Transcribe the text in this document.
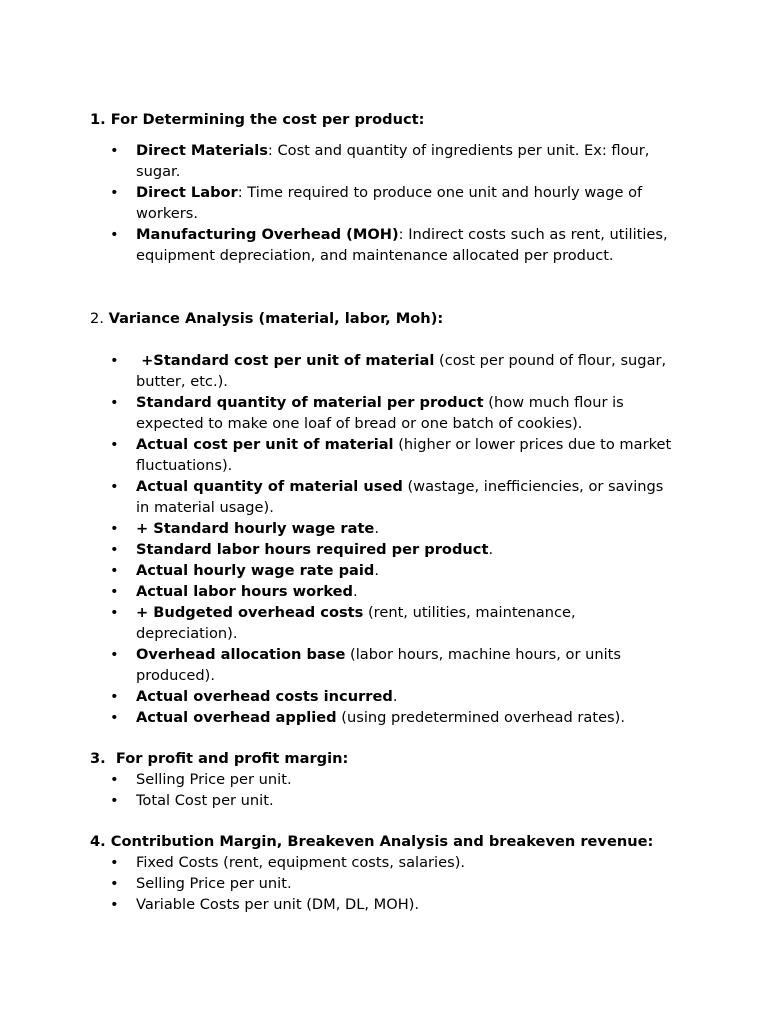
1. For Determining the cost per product:
• Direct Materials: Cost and quantity of ingredients per unit. Ex: flour, sugar.
• Direct Labor: Time required to produce one unit and hourly wage of workers.
• Manufacturing Overhead (MOH): Indirect costs such as rent, utilities, equipment depreciation, and maintenance allocated per product.
2. Variance Analysis (material, labor, Moh):
• +Standard cost per unit of material (cost per pound of flour, sugar, butter, etc.).
• Standard quantity of material per product (how much flour is expected to make one loaf of bread or one batch of cookies).
• Actual cost per unit of material (higher or lower prices due to market fluctuations).
• Actual quantity of material used (wastage, inefficiencies, or savings in material usage).
• + Standard hourly wage rate.
• Standard labor hours required per product.
• Actual hourly wage rate paid.
• Actual labor hours worked.
• + Budgeted overhead costs (rent, utilities, maintenance, depreciation).
• Overhead allocation base (labor hours, machine hours, or units produced).
• Actual overhead costs incurred.
• Actual overhead applied (using predetermined overhead rates).
3.  For profit and profit margin:
• Selling Price per unit.
• Total Cost per unit.
4. Contribution Margin, Breakeven Analysis and breakeven revenue:
• Fixed Costs (rent, equipment costs, salaries).
• Selling Price per unit.
• Variable Costs per unit (DM, DL, MOH).
